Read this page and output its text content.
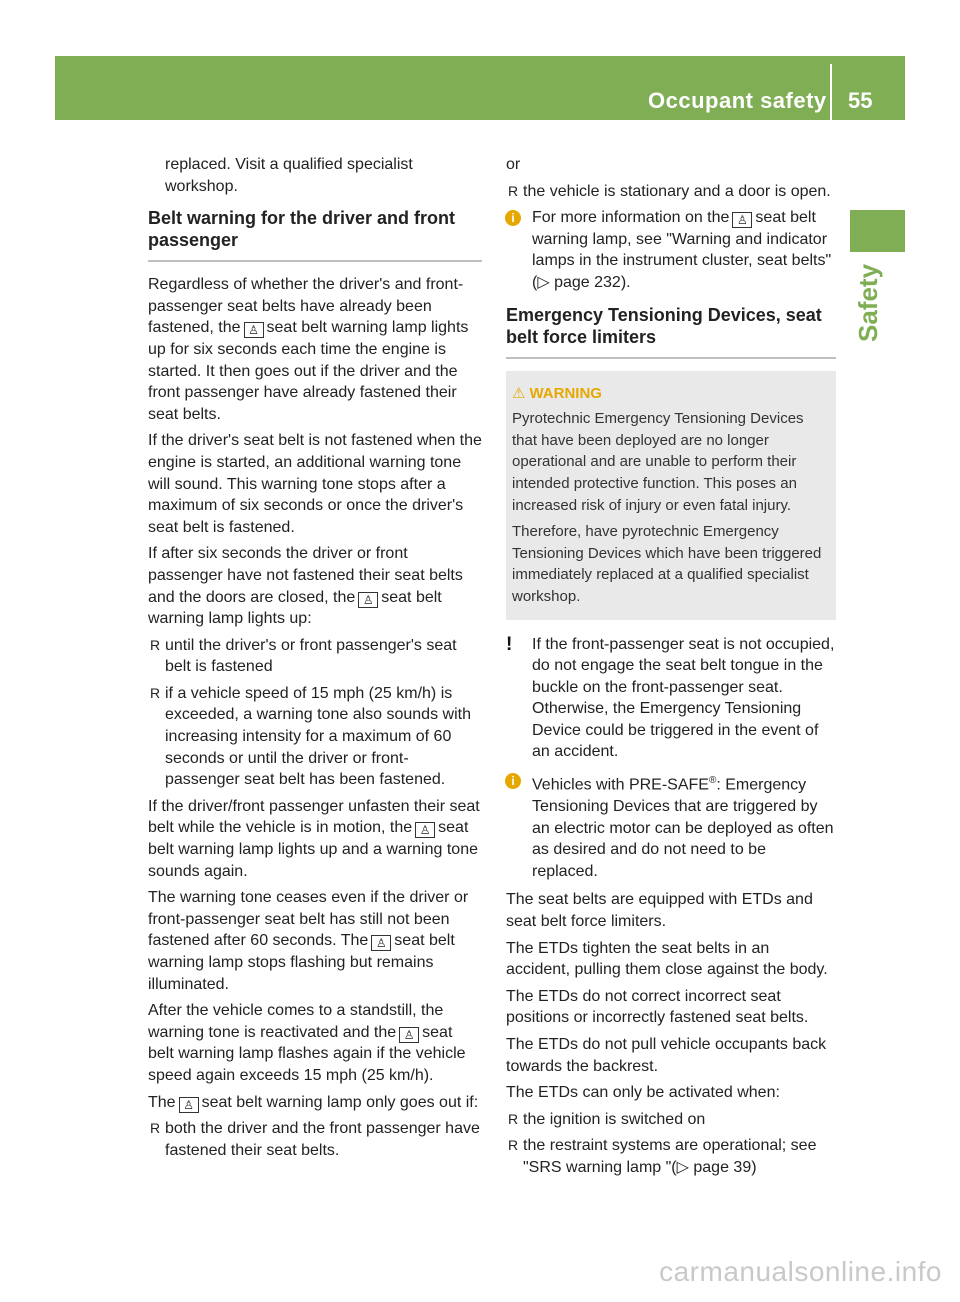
Occupant safety 55
Safety

replaced. Visit a qualified specialist workshop.

Belt warning for the driver and front passenger

Regardless of whether the driver's and front-passenger seat belts have already been fastened, the ♙ seat belt warning lamp lights up for six seconds each time the engine is started. It then goes out if the driver and the front passenger have already fastened their seat belts.

If the driver's seat belt is not fastened when the engine is started, an additional warning tone will sound. This warning tone stops after a maximum of six seconds or once the driver's seat belt is fastened.

If after six seconds the driver or front passenger have not fastened their seat belts and the doors are closed, the ♙ seat belt warning lamp lights up:

R until the driver's or front passenger's seat belt is fastened
R if a vehicle speed of 15 mph (25 km/h) is exceeded, a warning tone also sounds with increasing intensity for a maximum of 60 seconds or until the driver or front-passenger seat belt has been fastened.

If the driver/front passenger unfasten their seat belt while the vehicle is in motion, the ♙ seat belt warning lamp lights up and a warning tone sounds again.

The warning tone ceases even if the driver or front-passenger seat belt has still not been fastened after 60 seconds. The ♙ seat belt warning lamp stops flashing but remains illuminated.

After the vehicle comes to a standstill, the warning tone is reactivated and the ♙ seat belt warning lamp flashes again if the vehicle speed again exceeds 15 mph (25 km/h).

The ♙ seat belt warning lamp only goes out if:

R both the driver and the front passenger have fastened their seat belts.

or

R the vehicle is stationary and a door is open.
i	For more information on the ♙ seat belt warning lamp, see "Warning and indicator lamps in the instrument cluster, seat belts" (▷ page 232).
Emergency Tensioning Devices, seat belt force limiters
⚠ WARNING

Pyrotechnic Emergency Tensioning Devices that have been deployed are no longer operational and are unable to perform their intended protective function. This poses an increased risk of injury or even fatal injury.

Therefore, have pyrotechnic Emergency Tensioning Devices which have been triggered immediately replaced at a qualified specialist workshop.

!	If the front-passenger seat is not occupied, do not engage the seat belt tongue in the buckle on the front-passenger seat. Otherwise, the Emergency Tensioning Device could be triggered in the event of an accident.
i	Vehicles with PRE-SAFE®: Emergency Tensioning Devices that are triggered by an electric motor can be deployed as often as desired and do not need to be replaced.

The seat belts are equipped with ETDs and seat belt force limiters.

The ETDs tighten the seat belts in an accident, pulling them close against the body.

The ETDs do not correct incorrect seat positions or incorrectly fastened seat belts.

The ETDs do not pull vehicle occupants back towards the backrest.

The ETDs can only be activated when:

R the ignition is switched on
R the restraint systems are operational; see "SRS warning lamp "(▷ page 39)
carmanualsonline.info
